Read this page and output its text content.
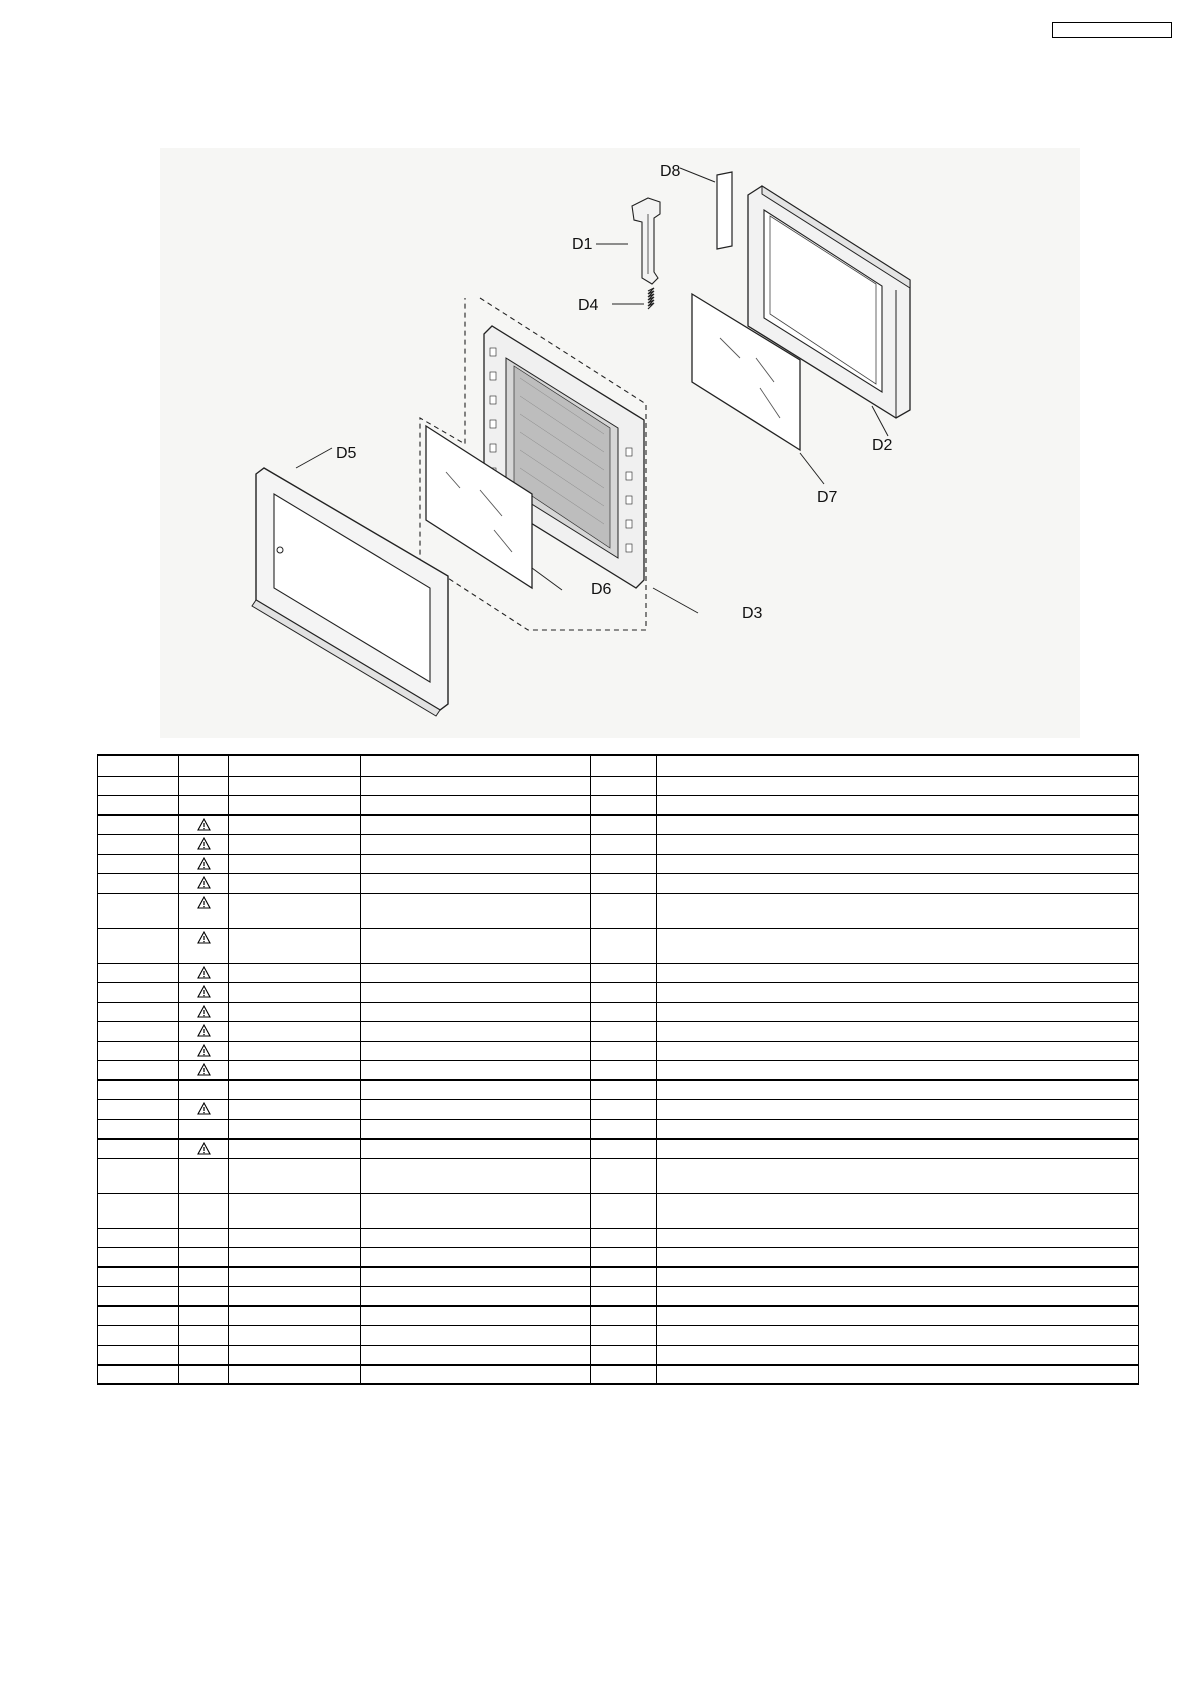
D8
D1
D4
D2
D7
D5
D6
D3
